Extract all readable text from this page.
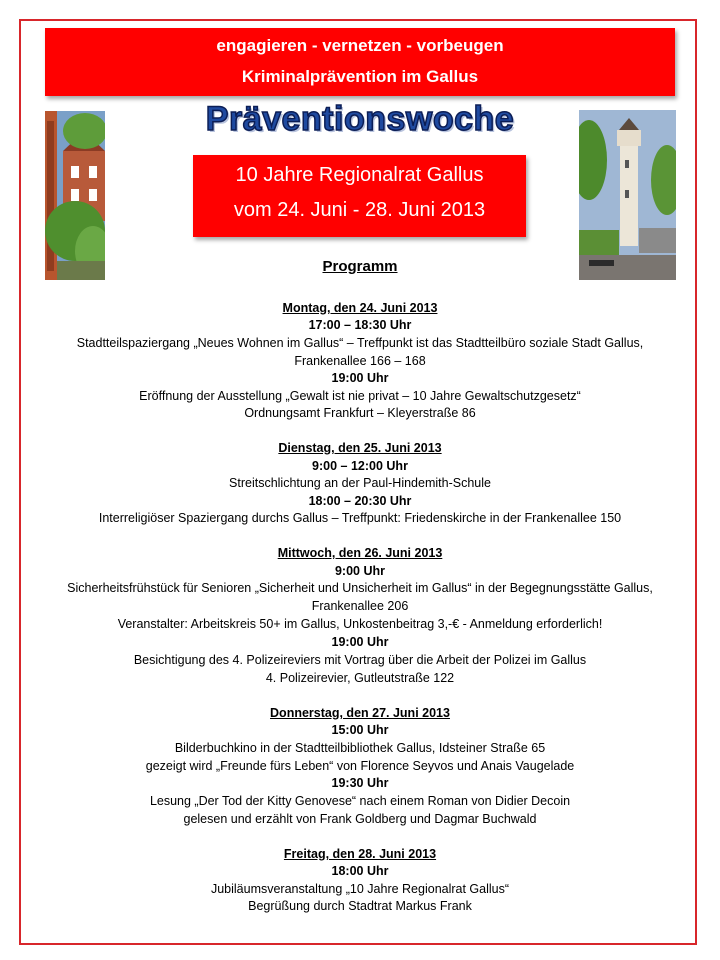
engagieren - vernetzen - vorbeugen
Kriminalprävention im Gallus
Präventionswoche
10 Jahre Regionalrat Gallus
vom 24. Juni - 28. Juni 2013
Programm
Montag, den 24. Juni 2013
17:00 – 18:30 Uhr
Stadtteilspaziergang „Neues Wohnen im Gallus“ – Treffpunkt ist das Stadtteilbüro soziale Stadt Gallus,
Frankenallee 166 – 168
19:00 Uhr
Eröffnung der Ausstellung „Gewalt ist nie privat – 10 Jahre Gewaltschutzgesetz“
Ordnungsamt Frankfurt – Kleyerstraße 86
Dienstag, den 25. Juni 2013
9:00 – 12:00 Uhr
Streitschlichtung an der Paul-Hindemith-Schule
18:00 – 20:30 Uhr
Interreligiöser Spaziergang durchs Gallus – Treffpunkt: Friedenskirche in der Frankenallee 150
Mittwoch, den 26. Juni 2013
9:00 Uhr
Sicherheitsfrühstück für Senioren „Sicherheit und Unsicherheit im Gallus“ in der Begegnungsstätte Gallus,
Frankenallee 206
Veranstalter: Arbeitskreis 50+ im Gallus, Unkostenbeitrag 3,-€ - Anmeldung erforderlich!
19:00 Uhr
Besichtigung des 4. Polizeireviers mit Vortrag über die Arbeit der Polizei im Gallus
4. Polizeirevier, Gutleutstraße 122
Donnerstag, den 27. Juni 2013
15:00 Uhr
Bilderbuchkino in der Stadtteilbibliothek Gallus, Idsteiner Straße 65
gezeigt wird „Freunde fürs Leben“ von Florence Seyvos und Anais Vaugelade
19:30 Uhr
Lesung „Der Tod der Kitty Genovese“ nach einem Roman von Didier Decoin
gelesen und erzählt von Frank Goldberg und Dagmar Buchwald
Freitag, den 28. Juni 2013
18:00 Uhr
Jubiläumsveranstaltung „10 Jahre Regionalrat Gallus“
Begrüßung durch Stadtrat Markus Frank
